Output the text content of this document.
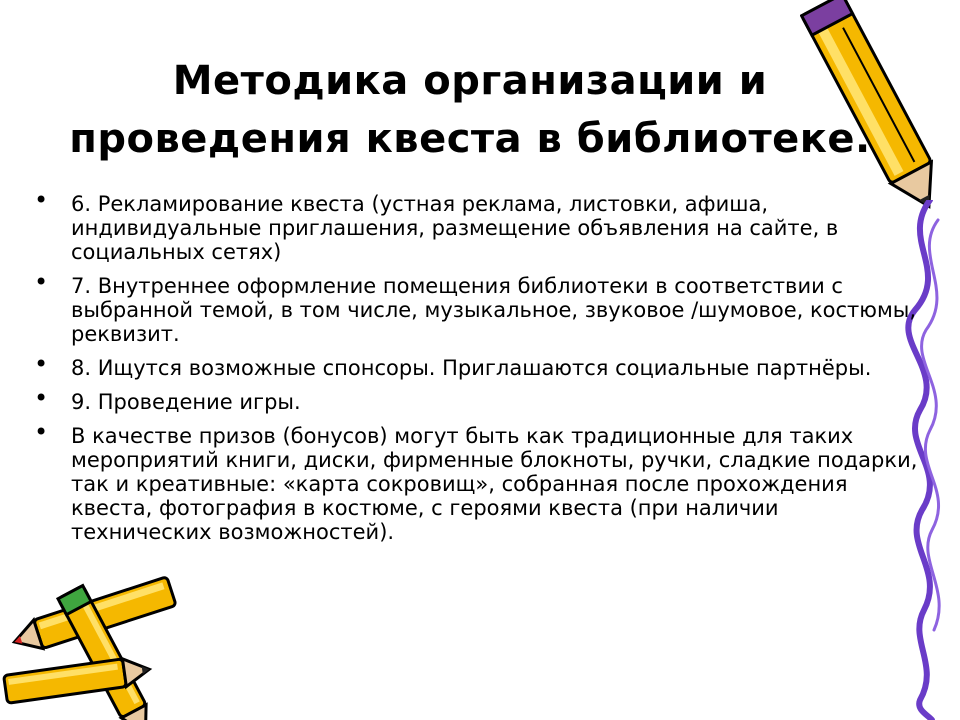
Методика организации и
проведения квеста в библиотеке.
• 6. Рекламирование квеста (устная реклама, листовки, афиша, индивидуальные приглашения, размещение объявления на сайте, в социальных сетях)
• 7. Внутреннее оформление помещения библиотеки в соответствии с выбранной темой, в том числе, музыкальное, звуковое /шумовое, костюмы, реквизит.
• 8. Ищутся возможные спонсоры. Приглашаются социальные партнёры.
• 9. Проведение игры.
• В качестве призов (бонусов) могут быть как традиционные для таких мероприятий книги, диски, фирменные блокноты, ручки, сладкие подарки, так и креативные: «карта сокровищ», собранная после прохождения квеста, фотография в костюме, с героями квеста (при наличии технических возможностей).
